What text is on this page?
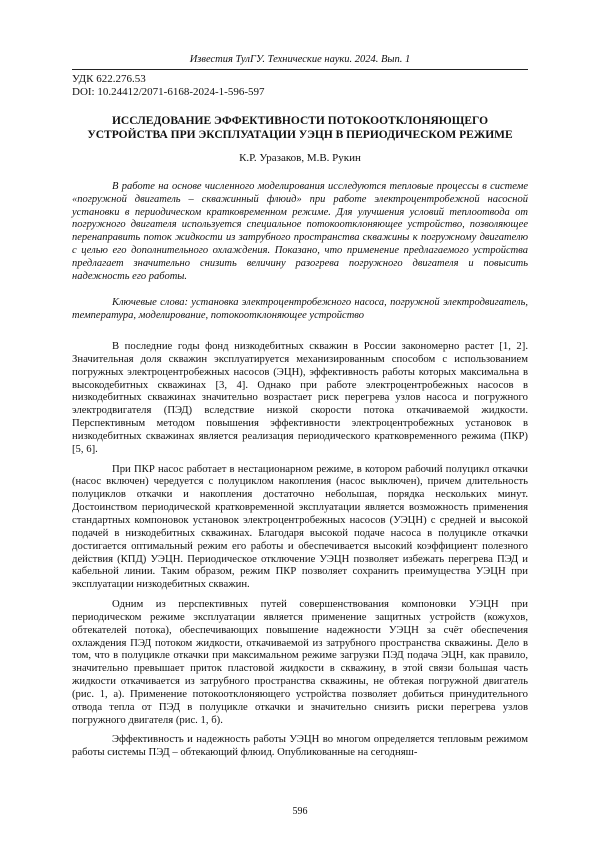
Известия ТулГУ. Технические науки. 2024. Вып. 1
УДК 622.276.53
DOI: 10.24412/2071-6168-2024-1-596-597
ИССЛЕДОВАНИЕ ЭФФЕКТИВНОСТИ ПОТОКООТКЛОНЯЮЩЕГО
УСТРОЙСТВА ПРИ ЭКСПЛУАТАЦИИ УЭЦН В ПЕРИОДИЧЕСКОМ РЕЖИМЕ
К.Р. Уразаков, М.В. Рукин

В работе на основе численного моделирования исследуются тепловые процессы в системе «погружной двигатель – скважинный флюид» при работе электроцентробежной насосной установки в периодическом кратковременном режиме. Для улучшения условий теплоотвода от погружного двигателя используется специальное потокоотклоняющее устройство, позволяющее перенаправить поток жидкости из затрубного пространства скважины к погружному двигателю с целью его дополнительного охлаждения. Показано, что применение предлагаемого устройства предлагает значительно снизить величину разогрева погружного двигателя и повысить надежность его работы.

Ключевые слова: установка электроцентробежного насоса, погружной электродвигатель, температура, моделирование, потокоотклоняющее устройство

В последние годы фонд низкодебитных скважин в России закономерно растет [1, 2]. Значительная доля скважин эксплуатируется механизированным способом с использованием погружных электроцентробежных насосов (ЭЦН), эффективность работы которых максимальна в высокодебитных скважинах [3, 4]. Однако при работе электроцентробежных насосов в низкодебитных скважинах значительно возрастает риск перегрева узлов насоса и погружного электродвигателя (ПЭД) вследствие низкой скорости потока откачиваемой жидкости. Перспективным методом повышения эффективности электроцентробежных установок в низкодебитных скважинах является реализация периодического кратковременного режима (ПКР) [5, 6].

При ПКР насос работает в нестационарном режиме, в котором рабочий полуцикл откачки (насос включен) чередуется с полуциклом накопления (насос выключен), причем длительность полуциклов откачки и накопления достаточно небольшая, порядка нескольких минут. Достоинством периодической кратковременной эксплуатации является возможность применения стандартных компоновок установок электроцентробежных насосов (УЭЦН) с средней и высокой подачей в низкодебитных скважинах. Благодаря высокой подаче насоса в полуцикле откачки достигается оптимальный режим его работы и обеспечивается высокий коэффициент полезного действия (КПД) УЭЦН. Периодическое отключение УЭЦН позволяет избежать перегрева ПЭД и кабельной линии. Таким образом, режим ПКР позволяет сохранить преимущества УЭЦН при эксплуатации низкодебитных скважин.

Одним из перспективных путей совершенствования компоновки УЭЦН при периодическом режиме эксплуатации является применение защитных устройств (кожухов, обтекателей потока), обеспечивающих повышение надежности УЭЦН за счёт обеспечения охлаждения ПЭД потоком жидкости, откачиваемой из затрубного пространства скважины. Дело в том, что в полуцикле откачки при максимальном режиме загрузки ПЭД подача ЭЦН, как правило, значительно превышает приток пластовой жидкости в скважину, в этой связи большая часть жидкости откачивается из затрубного пространства скважины, не обтекая погружной двигатель (рис. 1, а). Применение потокоотклоняющего устройства позволяет добиться принудительного отвода тепла от ПЭД в полуцикле откачки и значительно снизить риски перегрева узлов погружного двигателя (рис. 1, б).

Эффективность и надежность работы УЭЦН во многом определяется тепловым режимом работы системы ПЭД – обтекающий флюид. Опубликованные на сегодняш-

596
